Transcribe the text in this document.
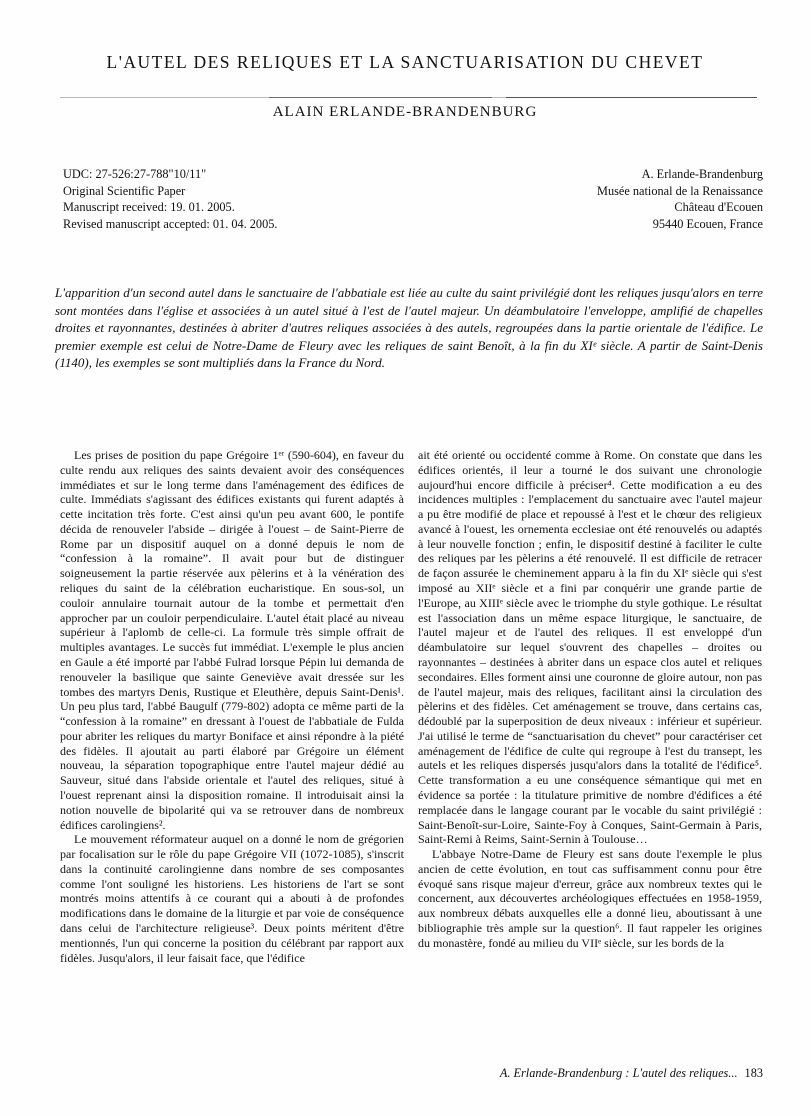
L'AUTEL DES RELIQUES ET LA SANCTUARISATION DU CHEVET
ALAIN ERLANDE-BRANDENBURG
UDC: 27-526:27-788"10/11"
Original Scientific Paper
Manuscript received: 19. 01. 2005.
Revised manuscript accepted: 01. 04. 2005.
A. Erlande-Brandenburg
Musée national de la Renaissance
Château d'Ecouen
95440 Ecouen, France
L'apparition d'un second autel dans le sanctuaire de l'abbatiale est liée au culte du saint privilégié dont les reliques jusqu'alors en terre sont montées dans l'église et associées à un autel situé à l'est de l'autel majeur. Un déambulatoire l'enveloppe, amplifié de chapelles droites et rayonnantes, destinées à abriter d'autres reliques associées à des autels, regroupées dans la partie orientale de l'édifice. Le premier exemple est celui de Notre-Dame de Fleury avec les reliques de saint Benoît, à la fin du XIᵉ siècle. A partir de Saint-Denis (1140), les exemples se sont multipliés dans la France du Nord.

Les prises de position du pape Grégoire 1ᵉʳ (590-604), en faveur du culte rendu aux reliques des saints devaient avoir des conséquences immédiates et sur le long terme dans l'aménagement des édifices de culte. Immédiats s'agissant des édifices existants qui furent adaptés à cette incitation très forte. C'est ainsi qu'un peu avant 600, le pontife décida de renouveler l'abside – dirigée à l'ouest – de Saint-Pierre de Rome par un dispositif auquel on a donné depuis le nom de “confession à la romaine”. Il avait pour but de distinguer soigneusement la partie réservée aux pèlerins et à la vénération des reliques du saint de la célébration eucharistique. En sous-sol, un couloir annulaire tournait autour de la tombe et permettait d'en approcher par un couloir perpendiculaire. L'autel était placé au niveau supérieur à l'aplomb de celle-ci. La formule très simple offrait de multiples avantages. Le succès fut immédiat. L'exemple le plus ancien en Gaule a été importé par l'abbé Fulrad lorsque Pépin lui demanda de renouveler la basilique que sainte Geneviève avait dressée sur les tombes des martyrs Denis, Rustique et Eleuthère, depuis Saint-Denis¹. Un peu plus tard, l'abbé Baugulf (779-802) adopta ce même parti de la “confession à la romaine” en dressant à l'ouest de l'abbatiale de Fulda pour abriter les reliques du martyr Boniface et ainsi répondre à la piété des fidèles. Il ajoutait au parti élaboré par Grégoire un élément nouveau, la séparation topographique entre l'autel majeur dédié au Sauveur, situé dans l'abside orientale et l'autel des reliques, situé à l'ouest reprenant ainsi la disposition romaine. Il introduisait ainsi la notion nouvelle de bipolarité qui va se retrouver dans de nombreux édifices carolingiens².

Le mouvement réformateur auquel on a donné le nom de grégorien par focalisation sur le rôle du pape Grégoire VII (1072-1085), s'inscrit dans la continuité carolingienne dans nombre de ses composantes comme l'ont souligné les historiens. Les historiens de l'art se sont montrés moins attentifs à ce courant qui a abouti à de profondes modifications dans le domaine de la liturgie et par voie de conséquence dans celui de l'architecture religieuse³. Deux points méritent d'être mentionnés, l'un qui concerne la position du célébrant par rapport aux fidèles. Jusqu'alors, il leur faisait face, que l'édifice

ait été orienté ou occidenté comme à Rome. On constate que dans les édifices orientés, il leur a tourné le dos suivant une chronologie aujourd'hui encore difficile à préciser⁴. Cette modification a eu des incidences multiples : l'emplacement du sanctuaire avec l'autel majeur a pu être modifié de place et repoussé à l'est et le chœur des religieux avancé à l'ouest, les ornementa ecclesiae ont été renouvelés ou adaptés à leur nouvelle fonction ; enfin, le dispositif destiné à faciliter le culte des reliques par les pèlerins a été renouvelé. Il est difficile de retracer de façon assurée le cheminement apparu à la fin du XIᵉ siècle qui s'est imposé au XIIᵉ siècle et a fini par conquérir une grande partie de l'Europe, au XIIIᵉ siècle avec le triomphe du style gothique. Le résultat est l'association dans un même espace liturgique, le sanctuaire, de l'autel majeur et de l'autel des reliques. Il est enveloppé d'un déambulatoire sur lequel s'ouvrent des chapelles – droites ou rayonnantes – destinées à abriter dans un espace clos autel et reliques secondaires. Elles forment ainsi une couronne de gloire autour, non pas de l'autel majeur, mais des reliques, facilitant ainsi la circulation des pèlerins et des fidèles. Cet aménagement se trouve, dans certains cas, dédoublé par la superposition de deux niveaux : inférieur et supérieur. J'ai utilisé le terme de “sanctuarisation du chevet” pour caractériser cet aménagement de l'édifice de culte qui regroupe à l'est du transept, les autels et les reliques dispersés jusqu'alors dans la totalité de l'édifice⁵. Cette transformation a eu une conséquence sémantique qui met en évidence sa portée : la titulature primitive de nombre d'édifices a été remplacée dans le langage courant par le vocable du saint privilégié : Saint-Benoît-sur-Loire, Sainte-Foy à Conques, Saint-Germain à Paris, Saint-Remi à Reims, Saint-Sernin à Toulouse…

L'abbaye Notre-Dame de Fleury est sans doute l'exemple le plus ancien de cette évolution, en tout cas suffisamment connu pour être évoqué sans risque majeur d'erreur, grâce aux nombreux textes qui le concernent, aux découvertes archéologiques effectuées en 1958-1959, aux nombreux débats auxquelles elle a donné lieu, aboutissant à une bibliographie très ample sur la question⁶. Il faut rappeler les origines du monastère, fondé au milieu du VIIᵉ siècle, sur les bords de la

A. Erlande-Brandenburg : L'autel des reliques... 183
